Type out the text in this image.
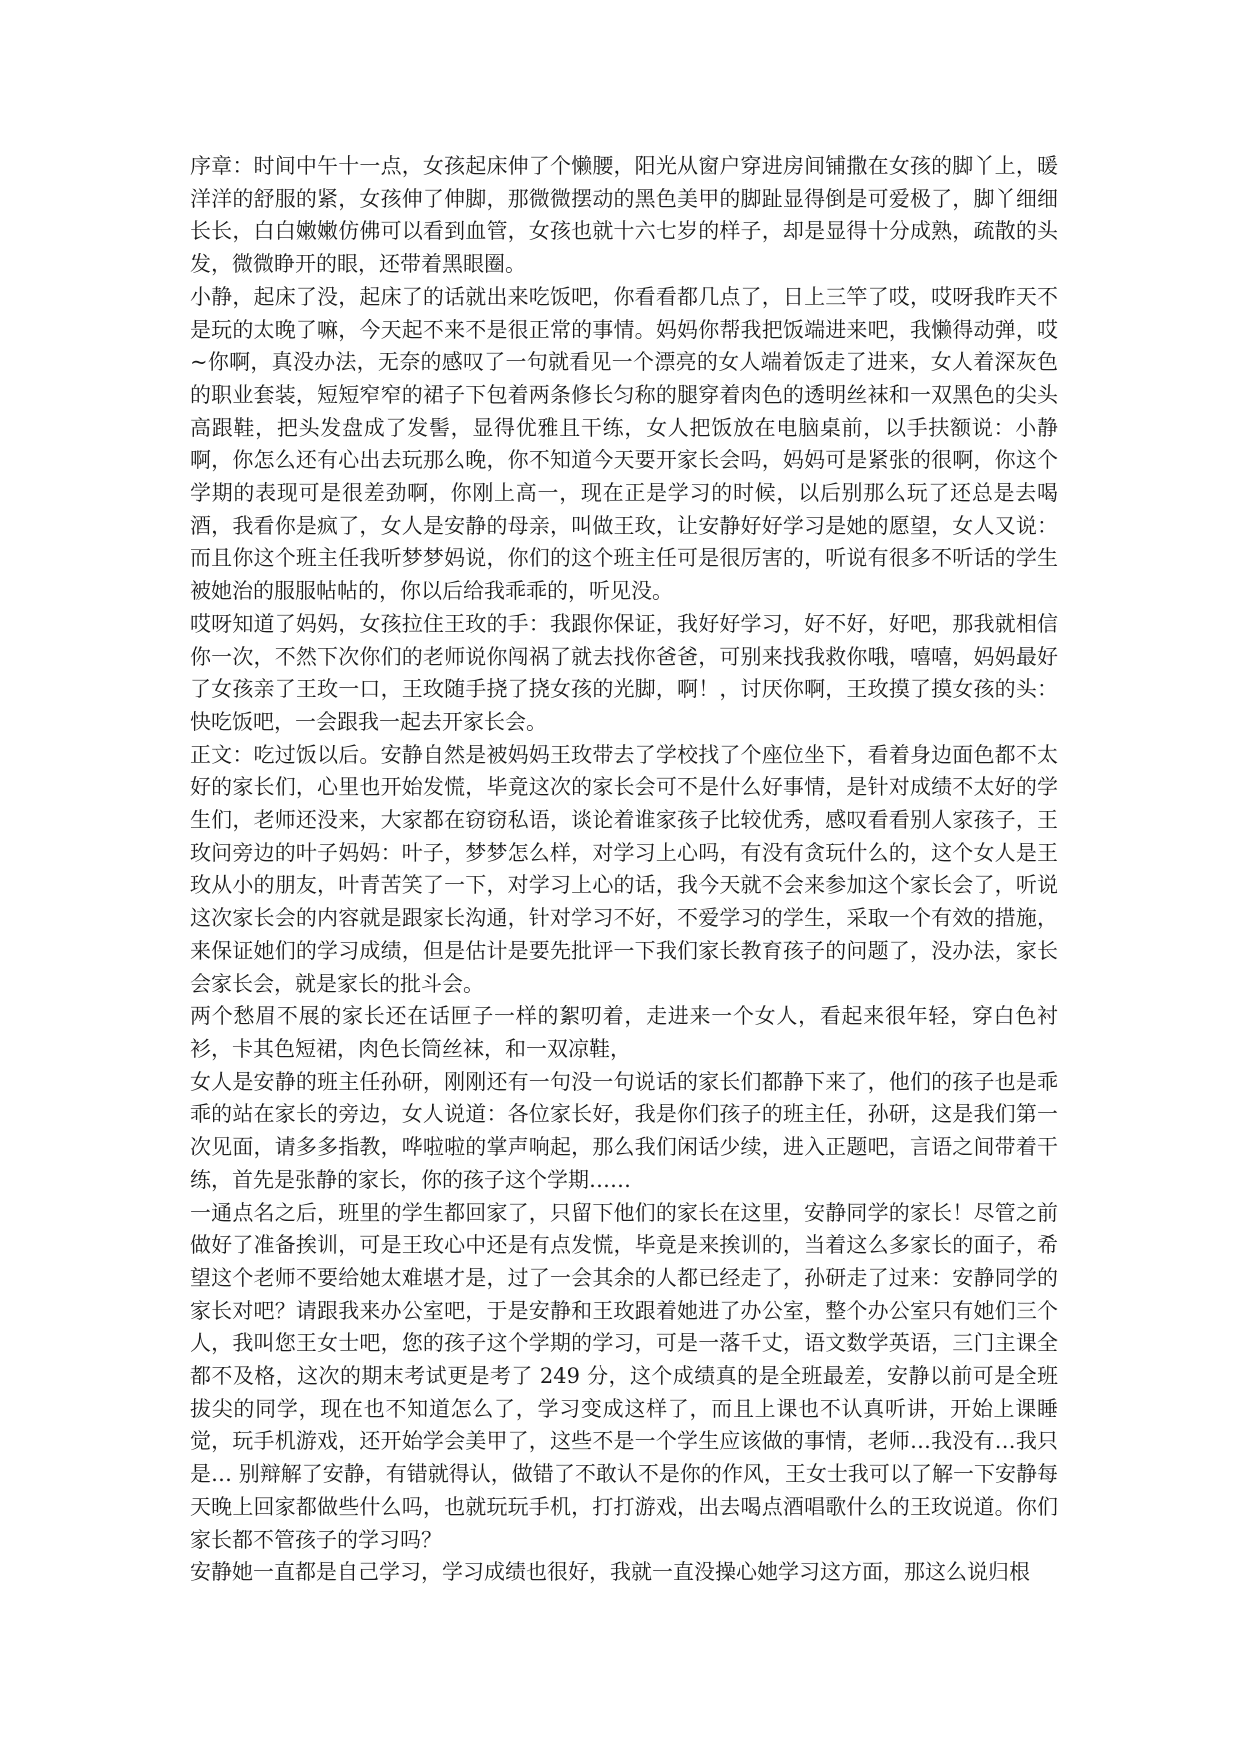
序章：时间中午十一点，女孩起床伸了个懒腰，阳光从窗户穿进房间铺撒在女孩的脚丫上，暖洋洋的舒服的紧，女孩伸了伸脚，那微微摆动的黑色美甲的脚趾显得倒是可爱极了，脚丫细细长长，白白嫩嫩仿佛可以看到血管，女孩也就十六七岁的样子，却是显得十分成熟，疏散的头发，微微睁开的眼，还带着黑眼圈。

小静，起床了没，起床了的话就出来吃饭吧，你看看都几点了，日上三竿了哎，哎呀我昨天不是玩的太晚了嘛，今天起不来不是很正常的事情。妈妈你帮我把饭端进来吧，我懒得动弹，哎~你啊，真没办法，无奈的感叹了一句就看见一个漂亮的女人端着饭走了进来，女人着深灰色的职业套装，短短窄窄的裙子下包着两条修长匀称的腿穿着肉色的透明丝袜和一双黑色的尖头高跟鞋，把头发盘成了发髻，显得优雅且干练，女人把饭放在电脑桌前，以手扶额说：小静啊，你怎么还有心出去玩那么晚，你不知道今天要开家长会吗，妈妈可是紧张的很啊，你这个学期的表现可是很差劲啊，你刚上高一，现在正是学习的时候，以后别那么玩了还总是去喝酒，我看你是疯了，女人是安静的母亲，叫做王玫，让安静好好学习是她的愿望，女人又说：而且你这个班主任我听梦梦妈说，你们的这个班主任可是很厉害的，听说有很多不听话的学生被她治的服服帖帖的，你以后给我乖乖的，听见没。

哎呀知道了妈妈，女孩拉住王玫的手：我跟你保证，我好好学习，好不好，好吧，那我就相信你一次，不然下次你们的老师说你闯祸了就去找你爸爸，可别来找我救你哦，嘻嘻，妈妈最好了女孩亲了王玫一口，王玫随手挠了挠女孩的光脚，啊！，讨厌你啊，王玫摸了摸女孩的头：快吃饭吧，一会跟我一起去开家长会。

正文：吃过饭以后。安静自然是被妈妈王玫带去了学校找了个座位坐下，看着身边面色都不太好的家长们，心里也开始发慌，毕竟这次的家长会可不是什么好事情，是针对成绩不太好的学生们，老师还没来，大家都在窃窃私语，谈论着谁家孩子比较优秀，感叹看看别人家孩子，王玫问旁边的叶子妈妈：叶子，梦梦怎么样，对学习上心吗，有没有贪玩什么的，这个女人是王玫从小的朋友，叶青苦笑了一下，对学习上心的话，我今天就不会来参加这个家长会了，听说这次家长会的内容就是跟家长沟通，针对学习不好，不爱学习的学生，采取一个有效的措施，来保证她们的学习成绩，但是估计是要先批评一下我们家长教育孩子的问题了，没办法，家长会家长会，就是家长的批斗会。

两个愁眉不展的家长还在话匣子一样的絮叨着，走进来一个女人，看起来很年轻，穿白色衬衫，卡其色短裙，肉色长筒丝袜，和一双凉鞋，

女人是安静的班主任孙研，刚刚还有一句没一句说话的家长们都静下来了，他们的孩子也是乖乖的站在家长的旁边，女人说道：各位家长好，我是你们孩子的班主任，孙研，这是我们第一次见面，请多多指教，哗啦啦的掌声响起，那么我们闲话少续，进入正题吧，言语之间带着干练，首先是张静的家长，你的孩子这个学期……

一通点名之后，班里的学生都回家了，只留下他们的家长在这里，安静同学的家长！尽管之前做好了准备挨训，可是王玫心中还是有点发慌，毕竟是来挨训的，当着这么多家长的面子，希望这个老师不要给她太难堪才是，过了一会其余的人都已经走了，孙研走了过来：安静同学的家长对吧？请跟我来办公室吧，于是安静和王玫跟着她进了办公室，整个办公室只有她们三个人，我叫您王女士吧，您的孩子这个学期的学习，可是一落千丈，语文数学英语，三门主课全都不及格，这次的期末考试更是考了 249 分，这个成绩真的是全班最差，安静以前可是全班拔尖的同学，现在也不知道怎么了，学习变成这样了，而且上课也不认真听讲，开始上课睡觉，玩手机游戏，还开始学会美甲了，这些不是一个学生应该做的事情，老师…我没有…我只是… 别辩解了安静，有错就得认，做错了不敢认不是你的作风，王女士我可以了解一下安静每天晚上回家都做些什么吗，也就玩玩手机，打打游戏，出去喝点酒唱歌什么的王玫说道。你们家长都不管孩子的学习吗？

安静她一直都是自己学习，学习成绩也很好，我就一直没操心她学习这方面，那这么说归根
